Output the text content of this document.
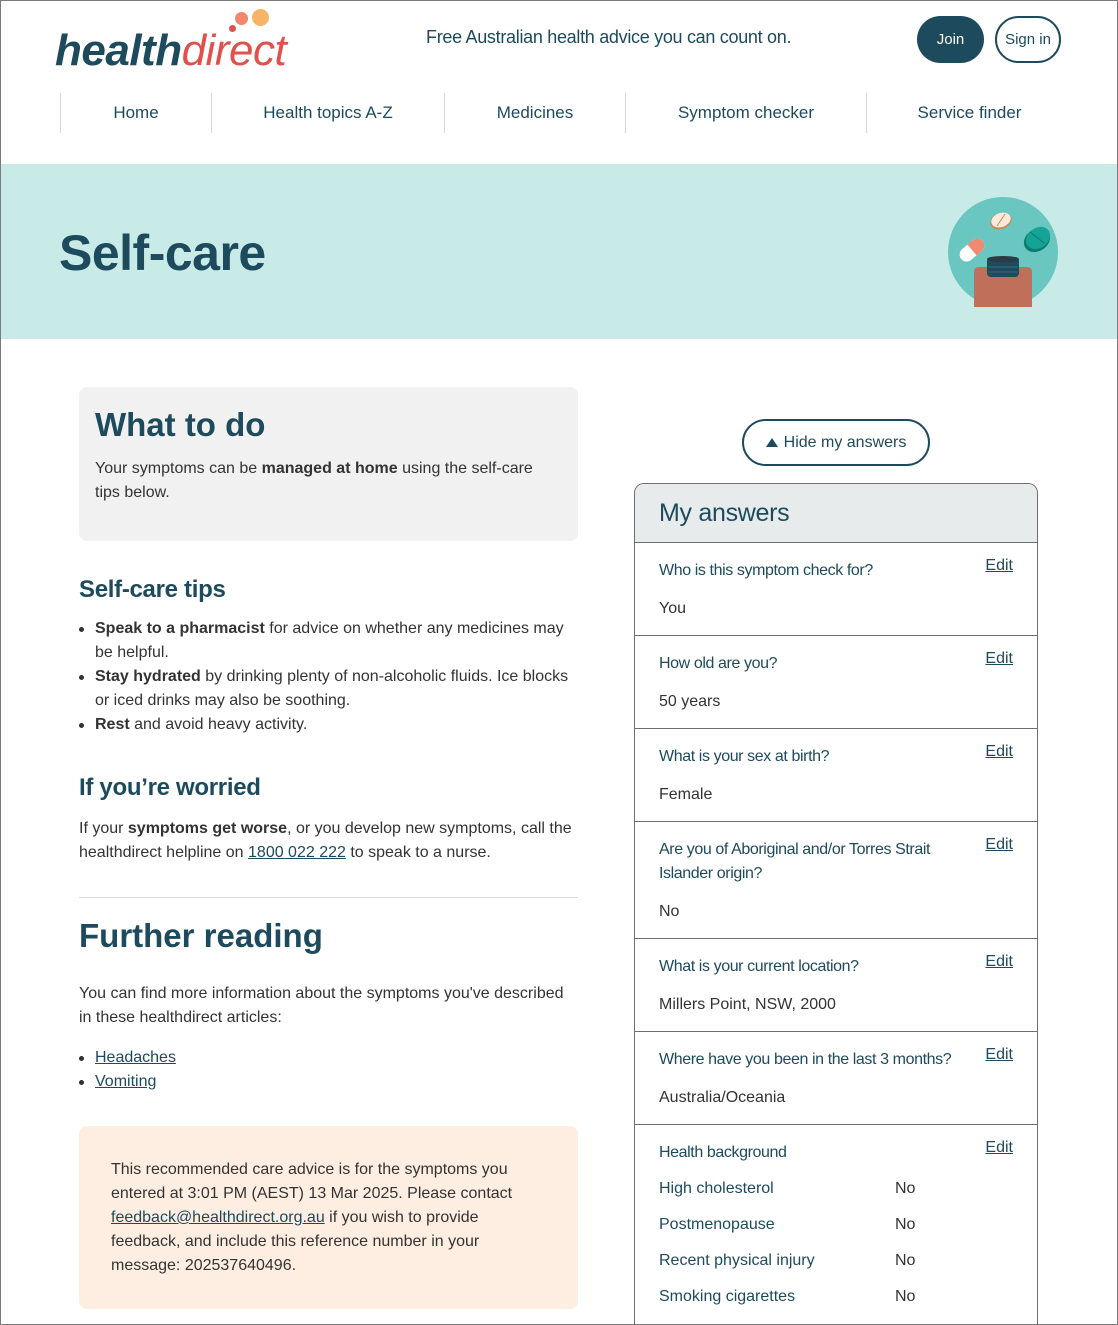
healthdirect	Free Australian health advice you can count on.	Join	Sign in
Home	Health topics A-Z	Medicines	Symptom checker	Service finder
Self-care
What to do

Your symptoms can be managed at home using the self-care tips below.

Self-care tips
Speak to a pharmacist for advice on whether any medicines may be helpful.
Stay hydrated by drinking plenty of non-alcoholic fluids. Ice blocks or iced drinks may also be soothing.
Rest and avoid heavy activity.
If you’re worried

If your symptoms get worse, or you develop new symptoms, call the healthdirect helpline on 1800 022 222 to speak to a nurse.

Further reading

You can find more information about the symptoms you've described in these healthdirect articles:

Headaches
Vomiting

This recommended care advice is for the symptoms you entered at 3:01 PM (AEST) 13 Mar 2025. Please contact feedback@healthdirect.org.au if you wish to provide feedback, and include this reference number in your message: 202537640496.

Hide my answers
My answers
Who is this symptom check for?	Edit
You
How old are you?	Edit
50 years
What is your sex at birth?	Edit
Female
Are you of Aboriginal and/or Torres Strait Islander origin?
Edit
No
What is your current location?	Edit
Millers Point, NSW, 2000
Where have you been in the last 3 months?	Edit
Australia/Oceania
Health background	Edit
High cholesterol	No
Postmenopause	No
Recent physical injury	No
Smoking cigarettes	No
